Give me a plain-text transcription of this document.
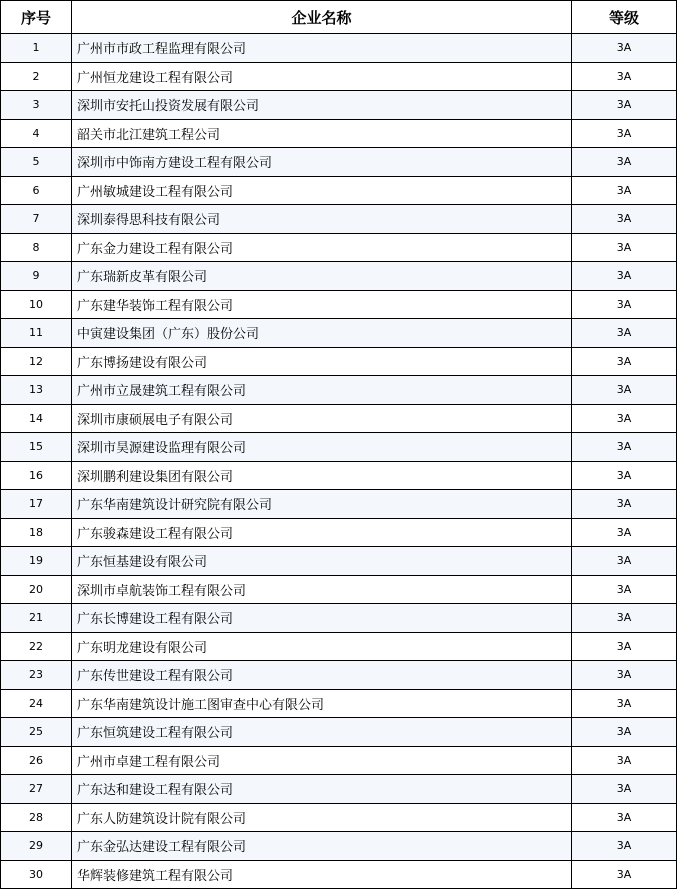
序号	企业名称	等级
1	广州市市政工程监理有限公司	3A
2	广州恒龙建设工程有限公司	3A
3	深圳市安托山投资发展有限公司	3A
4	韶关市北江建筑工程公司	3A
5	深圳市中饰南方建设工程有限公司	3A
6	广州敏城建设工程有限公司	3A
7	深圳泰得思科技有限公司	3A
8	广东金力建设工程有限公司	3A
9	广东瑞新皮革有限公司	3A
10	广东建华装饰工程有限公司	3A
11	中寅建设集团（广东）股份公司	3A
12	广东博扬建设有限公司	3A
13	广州市立晟建筑工程有限公司	3A
14	深圳市康硕展电子有限公司	3A
15	深圳市昊源建设监理有限公司	3A
16	深圳鹏利建设集团有限公司	3A
17	广东华南建筑设计研究院有限公司	3A
18	广东骏森建设工程有限公司	3A
19	广东恒基建设有限公司	3A
20	深圳市卓航装饰工程有限公司	3A
21	广东长博建设工程有限公司	3A
22	广东明龙建设有限公司	3A
23	广东传世建设工程有限公司	3A
24	广东华南建筑设计施工图审查中心有限公司	3A
25	广东恒筑建设工程有限公司	3A
26	广州市卓建工程有限公司	3A
27	广东达和建设工程有限公司	3A
28	广东人防建筑设计院有限公司	3A
29	广东金弘达建设工程有限公司	3A
30	华辉装修建筑工程有限公司	3A
